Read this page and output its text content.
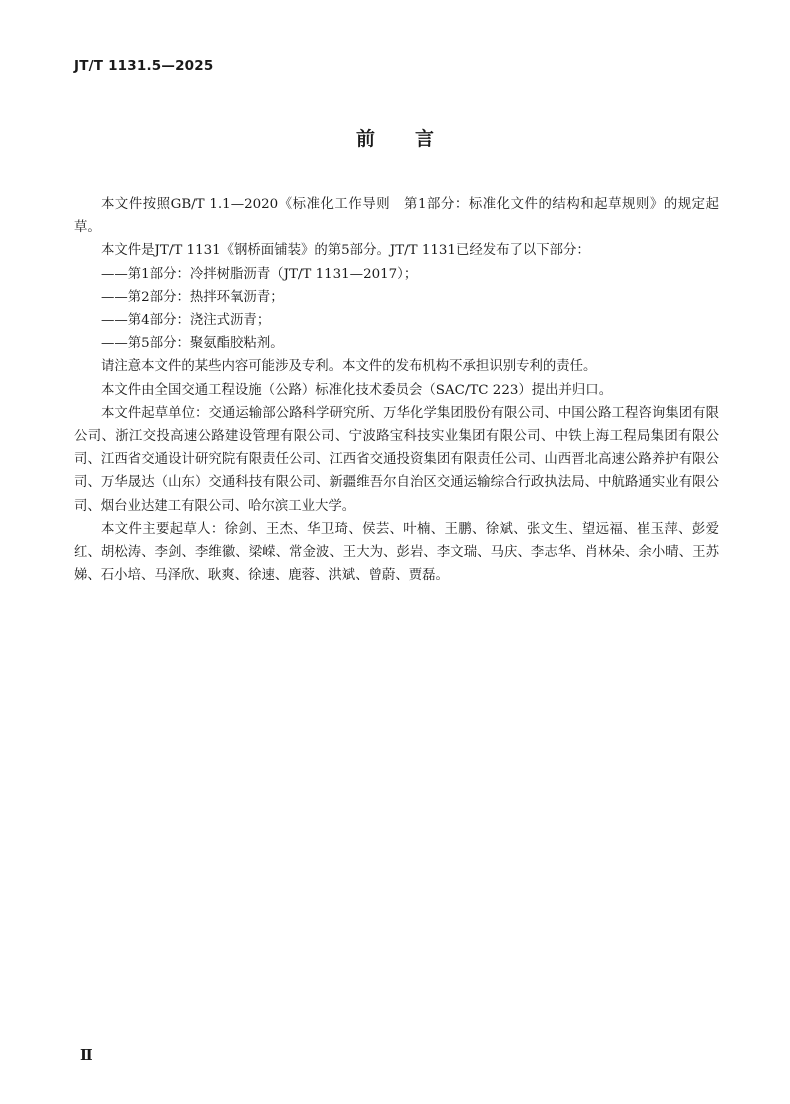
JT/T 1131.5—2025
前 言

本文件按照GB/T 1.1—2020《标准化工作导则　第1部分：标准化文件的结构和起草规则》的规定起草。

本文件是JT/T 1131《钢桥面铺装》的第5部分。JT/T 1131已经发布了以下部分：

——第1部分：冷拌树脂沥青（JT/T 1131—2017）；

——第2部分：热拌环氧沥青；

——第4部分：浇注式沥青；

——第5部分：聚氨酯胶粘剂。

请注意本文件的某些内容可能涉及专利。本文件的发布机构不承担识别专利的责任。

本文件由全国交通工程设施（公路）标准化技术委员会（SAC/TC 223）提出并归口。

本文件起草单位：交通运输部公路科学研究所、万华化学集团股份有限公司、中国公路工程咨询集团有限公司、浙江交投高速公路建设管理有限公司、宁波路宝科技实业集团有限公司、中铁上海工程局集团有限公司、江西省交通设计研究院有限责任公司、江西省交通投资集团有限责任公司、山西晋北高速公路养护有限公司、万华晟达（山东）交通科技有限公司、新疆维吾尔自治区交通运输综合行政执法局、中航路通实业有限公司、烟台业达建工有限公司、哈尔滨工业大学。

本文件主要起草人：徐剑、王杰、华卫琦、侯芸、叶楠、王鹏、徐斌、张文生、望远福、崔玉萍、彭爱红、胡松涛、李剑、李维徽、梁嵘、常金波、王大为、彭岩、李文瑞、马庆、李志华、肖林朵、余小晴、王苏娣、石小培、马泽欣、耿爽、徐速、鹿蓉、洪斌、曾蔚、贾磊。

Ⅱ
